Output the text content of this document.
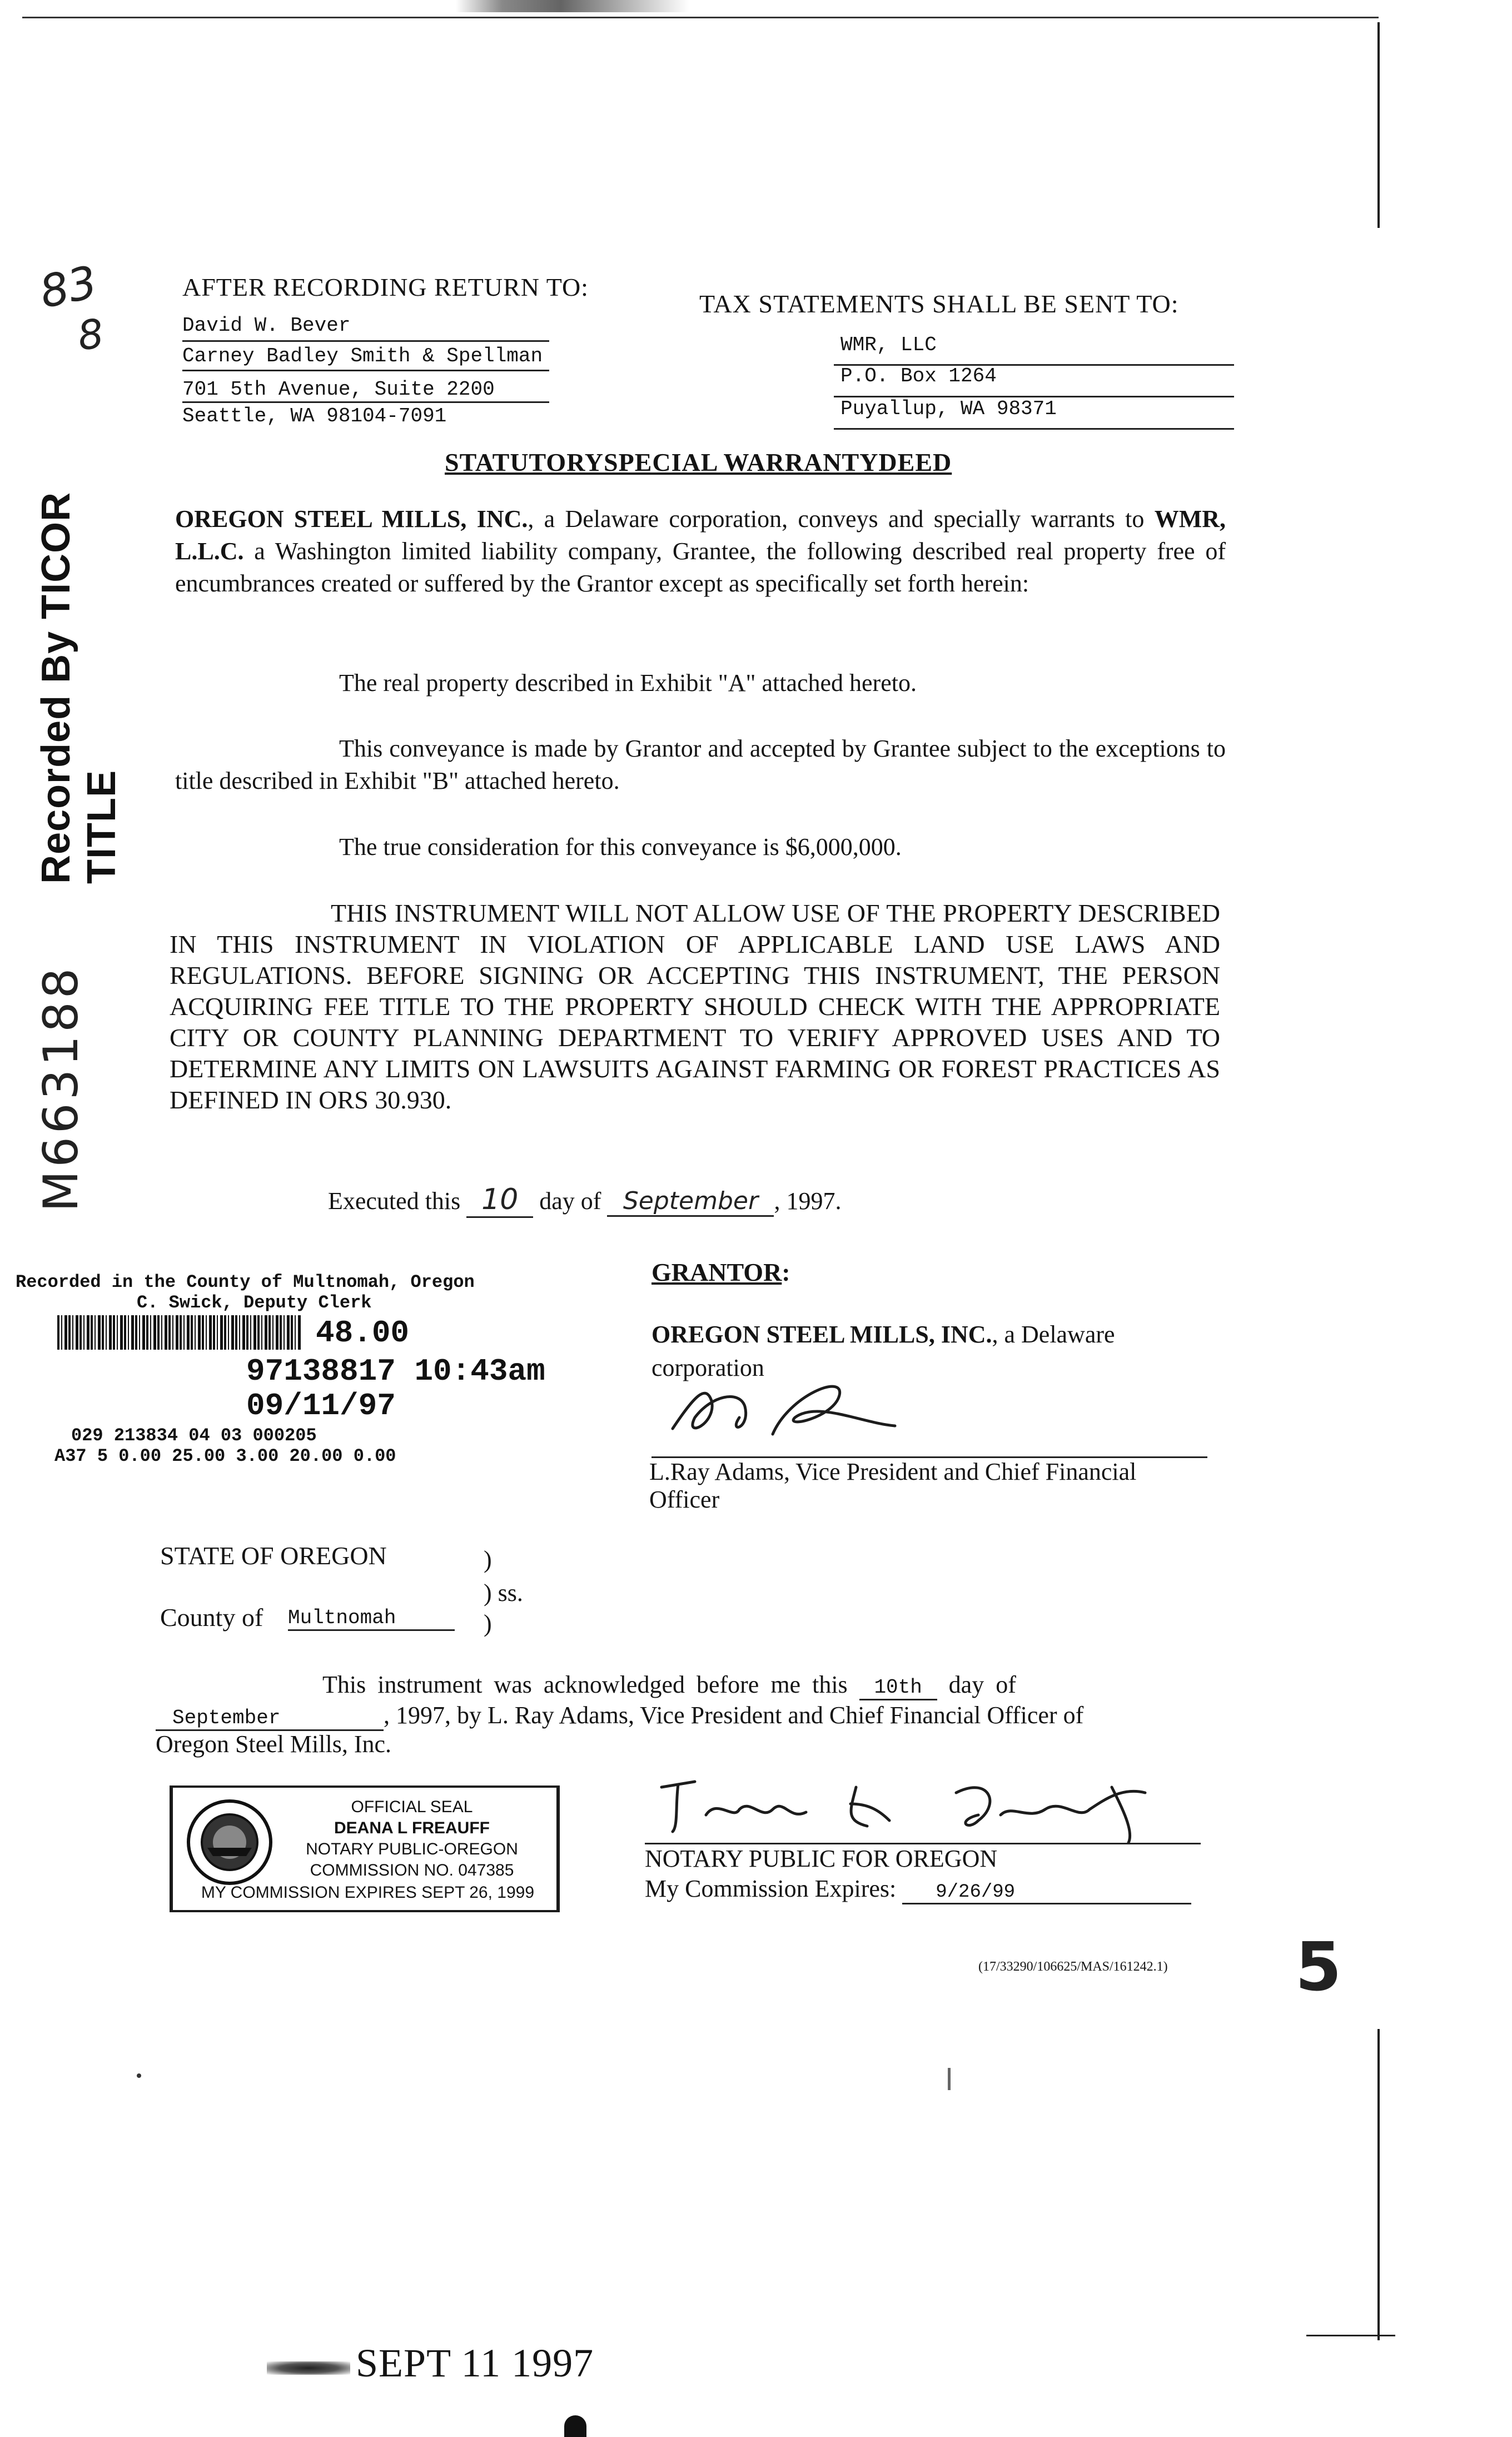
83
8
Recorded By TICOR TITLE
M663188
AFTER RECORDING RETURN TO:
David W. Bever
Carney Badley Smith & Spellman
701 5th Avenue, Suite 2200
Seattle, WA 98104-7091
TAX STATEMENTS SHALL BE SENT TO:
WMR, LLC
P.O. Box 1264
Puyallup, WA 98371
STATUTORYSPECIAL WARRANTYDEED

OREGON STEEL MILLS, INC., a Delaware corporation, conveys and specially warrants to WMR, L.L.C. a Washington limited liability company, Grantee, the following described real property free of encumbrances created or suffered by the Grantor except as specifically set forth herein:

The real property described in Exhibit "A" attached hereto.

This conveyance is made by Grantor and accepted by Grantee subject to the exceptions to title described in Exhibit "B" attached hereto.

The true consideration for this conveyance is $6,000,000.

THIS INSTRUMENT WILL NOT ALLOW USE OF THE PROPERTY DESCRIBED IN THIS INSTRUMENT IN VIOLATION OF APPLICABLE LAND USE LAWS AND REGULATIONS. BEFORE SIGNING OR ACCEPTING THIS INSTRUMENT, THE PERSON ACQUIRING FEE TITLE TO THE PROPERTY SHOULD CHECK WITH THE APPROPRIATE CITY OR COUNTY PLANNING DEPARTMENT TO VERIFY APPROVED USES AND TO DETERMINE ANY LIMITS ON LAWSUITS AGAINST FARMING OR FOREST PRACTICES AS DEFINED IN ORS 30.930.
Executed this 10 day of September , 1997.
Recorded in the County of Multnomah, Oregon
C. Swick, Deputy Clerk
48.00
97138817 10:43am 09/11/97
029 213834 04 03 000205
A37 5 0.00 25.00 3.00 20.00 0.00
GRANTOR:
OREGON STEEL MILLS, INC., a Delaware
corporation
L.Ray Adams, Vice President and Chief Financial
Officer
STATE OF OREGON	)
) ss.
)
County of Multnomah
This instrument was acknowledged before me this 10th day of
September	, 1997, by L. Ray Adams, Vice President and Chief Financial Officer of
Oregon Steel Mills, Inc.
OFFICIAL SEAL
DEANA L FREAUFF
NOTARY PUBLIC-OREGON
COMMISSION NO. 047385
MY COMMISSION EXPIRES SEPT 26, 1999
NOTARY PUBLIC FOR OREGON
My Commission Expires: 9/26/99
(17/33290/106625/MAS/161242.1) 5
SEPT 11 1997
